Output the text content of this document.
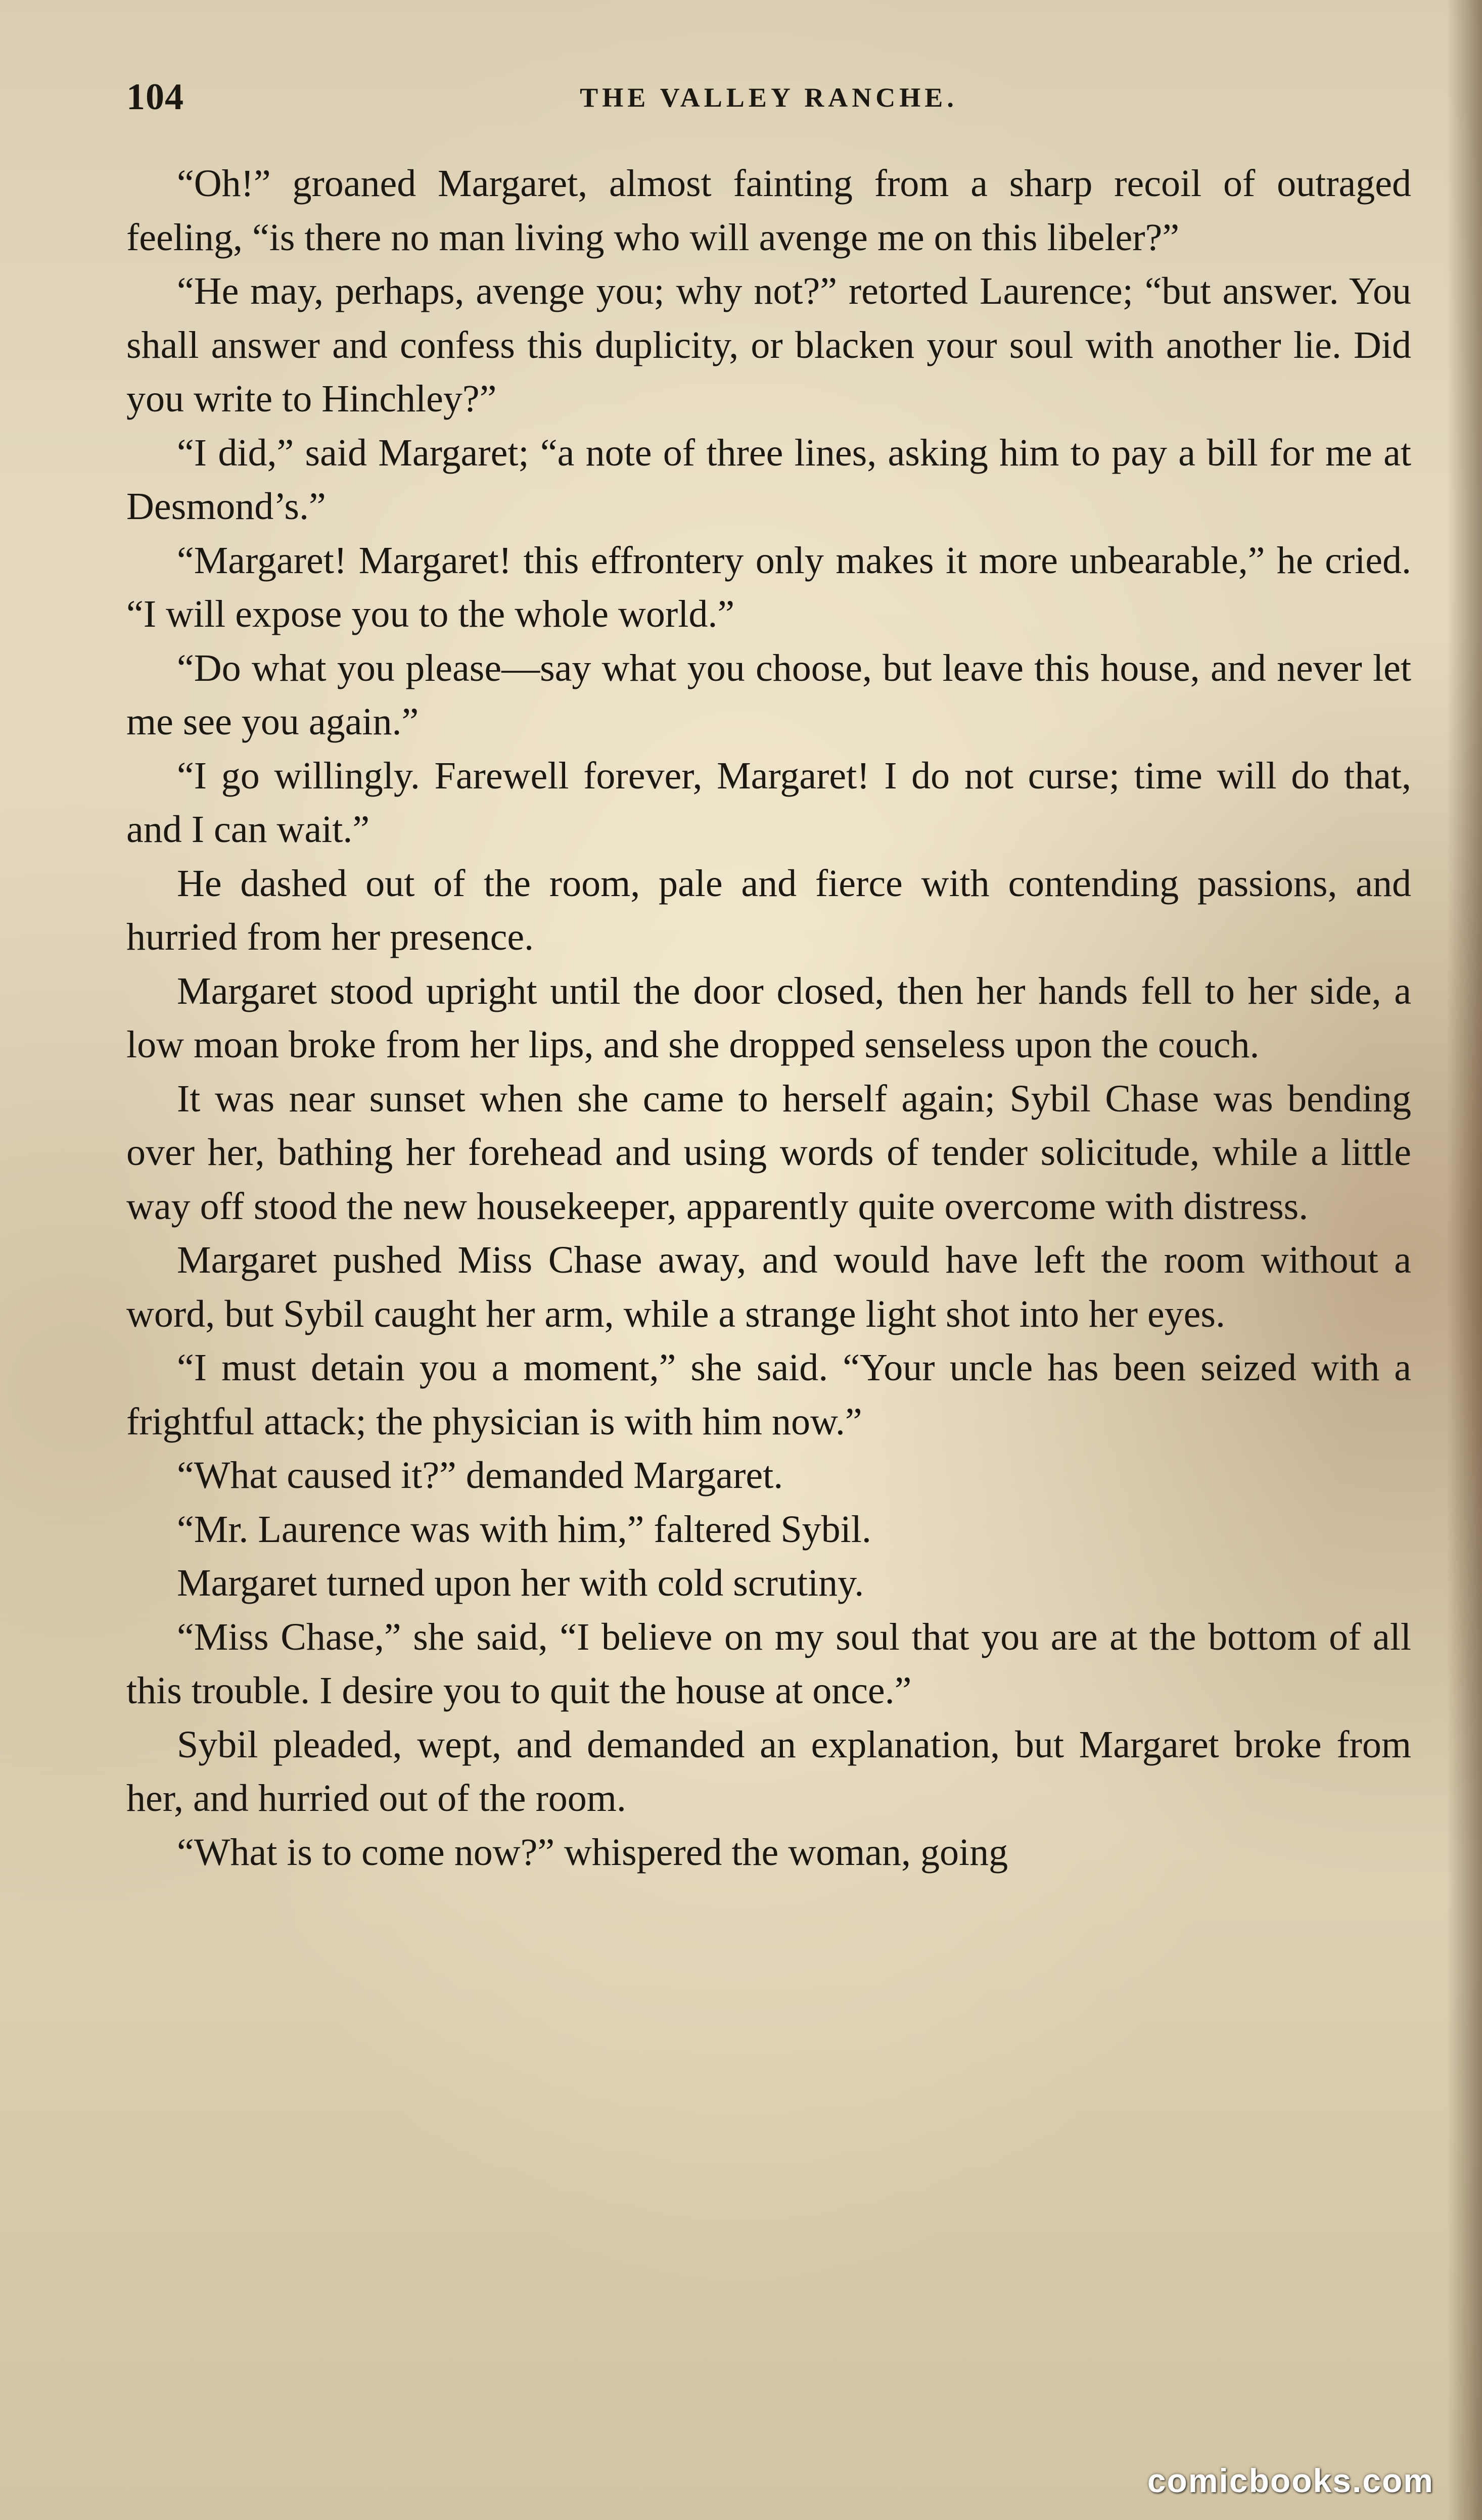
104	THE VALLEY RANCHE.

“Oh!” groaned Margaret, almost fainting from a sharp recoil of outraged feeling, “is there no man living who will avenge me on this libeler?”

“He may, perhaps, avenge you; why not?” retorted Laurence; “but answer. You shall answer and confess this duplicity, or blacken your soul with another lie. Did you write to Hinchley?”

“I did,” said Margaret; “a note of three lines, asking him to pay a bill for me at Desmond’s.”

“Margaret! Margaret! this effrontery only makes it more unbearable,” he cried. “I will expose you to the whole world.”

“Do what you please—say what you choose, but leave this house, and never let me see you again.”

“I go willingly. Farewell forever, Margaret! I do not curse; time will do that, and I can wait.”

He dashed out of the room, pale and fierce with contending passions, and hurried from her presence.

Margaret stood upright until the door closed, then her hands fell to her side, a low moan broke from her lips, and she dropped senseless upon the couch.

It was near sunset when she came to herself again; Sybil Chase was bending over her, bathing her forehead and using words of tender solicitude, while a little way off stood the new housekeeper, apparently quite overcome with distress.

Margaret pushed Miss Chase away, and would have left the room without a word, but Sybil caught her arm, while a strange light shot into her eyes.

“I must detain you a moment,” she said. “Your uncle has been seized with a frightful attack; the physician is with him now.”

“What caused it?” demanded Margaret.

“Mr. Laurence was with him,” faltered Sybil.

Margaret turned upon her with cold scrutiny.

“Miss Chase,” she said, “I believe on my soul that you are at the bottom of all this trouble. I desire you to quit the house at once.”

Sybil pleaded, wept, and demanded an explanation, but Margaret broke from her, and hurried out of the room.

“What is to come now?” whispered the woman, going

comicbooks.com
